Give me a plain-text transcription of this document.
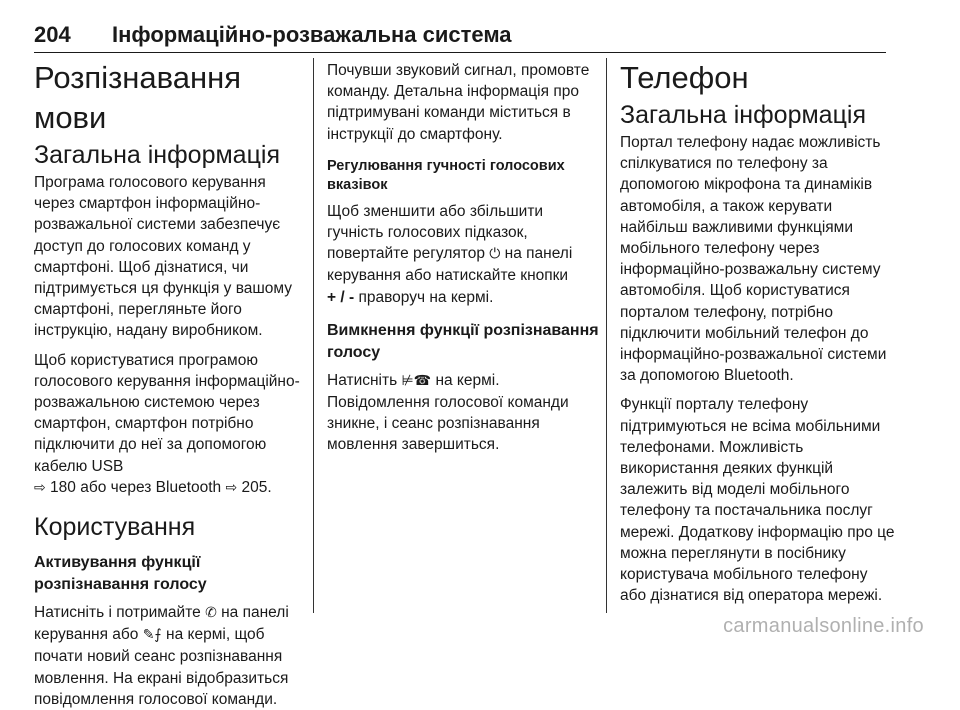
204 Інформаційно-розважальна система
Розпізнавання мови
Загальна інформація

Програма голосового керування через смартфон інформаційно-розважальної системи забезпечує доступ до голосових команд у смартфоні. Щоб дізнатися, чи підтримується ця функція у вашому смартфоні, перегляньте його інструкцію, надану виробником.

Щоб користуватися програмою голосового керування інформаційно-розважальною системою через смартфон, смартфон потрібно підключити до неї за допомогою кабелю USB
⇨ 180 або через Bluetooth ⇨ 205.

Користування
Активування функції розпізнавання голосу

Натисніть і потримайте ✆ на панелі керування або ✎⨍ на кермі, щоб почати новий сеанс розпізнавання мовлення. На екрані відобразиться повідомлення голосової команди.

Почувши звуковий сигнал, промовте команду. Детальна інформація про підтримувані команди міститься в інструкції до смартфону.

Регулювання гучності голосових вказівок

Щоб зменшити або збільшити гучність голосових підказок, повертайте регулятор ⏻ на панелі керування або натискайте кнопки
+ / - праворуч на кермі.

Вимкнення функції розпізнавання голосу

Натисніть ⊭☎ на кермі.

Повідомлення голосової команди зникне, і сеанс розпізнавання мовлення завершиться.

Телефон
Загальна інформація

Портал телефону надає можливість спілкуватися по телефону за допомогою мікрофона та динаміків автомобіля, а також керувати найбільш важливими функціями мобільного телефону через інформаційно-розважальну систему автомобіля. Щоб користуватися порталом телефону, потрібно підключити мобільний телефон до інформаційно-розважальної системи за допомогою Bluetooth.

Функції порталу телефону підтримуються не всіма мобільними телефонами. Можливість використання деяких функцій залежить від моделі мобільного телефону та постачальника послуг мережі. Додаткову інформацію про це можна переглянути в посібнику користувача мобільного телефону або дізнатися від оператора мережі.

carmanualsonline.info
